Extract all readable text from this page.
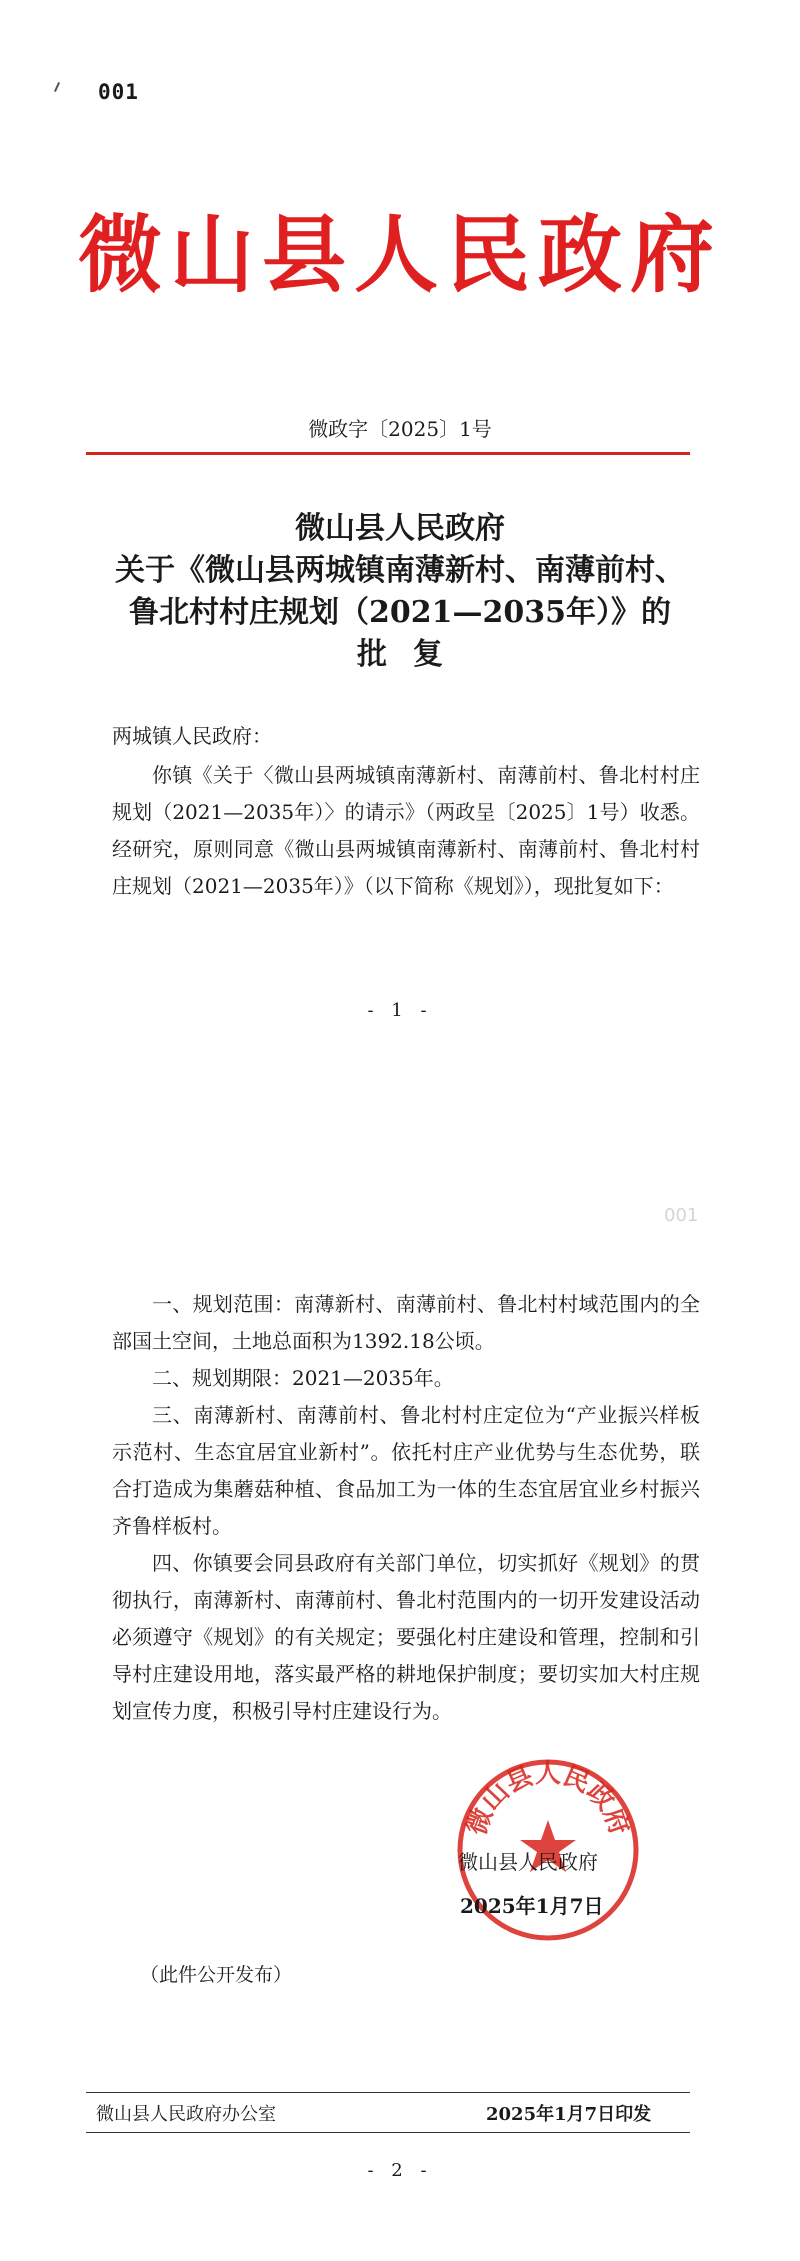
001
微山县人民政府
微政字〔2025〕1号
微山县人民政府
关于《微山县两城镇南薄新村、南薄前村、
鲁北村村庄规划（2021—2035年）》的
批复
两城镇人民政府：

你镇《关于〈微山县两城镇南薄新村、南薄前村、鲁北村村庄规划（2021—2035年）〉的请示》（两政呈〔2025〕1号）收悉。经研究，原则同意《微山县两城镇南薄新村、南薄前村、鲁北村村庄规划（2021—2035年）》（以下简称《规划》），现批复如下：

- 1 -
001

一、规划范围：南薄新村、南薄前村、鲁北村村域范围内的全部国土空间，土地总面积为1392.18公顷。

二、规划期限：2021—2035年。

三、南薄新村、南薄前村、鲁北村村庄定位为“产业振兴样板示范村、生态宜居宜业新村”。依托村庄产业优势与生态优势，联合打造成为集蘑菇种植、食品加工为一体的生态宜居宜业乡村振兴齐鲁样板村。

四、你镇要会同县政府有关部门单位，切实抓好《规划》的贯彻执行，南薄新村、南薄前村、鲁北村范围内的一切开发建设活动必须遵守《规划》的有关规定；要强化村庄建设和管理，控制和引导村庄建设用地，落实最严格的耕地保护制度；要切实加大村庄规划宣传力度，积极引导村庄建设行为。

微山县人民政府
微山县人民政府
2025年1月7日
（此件公开发布）
微山县人民政府办公室	2025年1月7日印发
- 2 -
